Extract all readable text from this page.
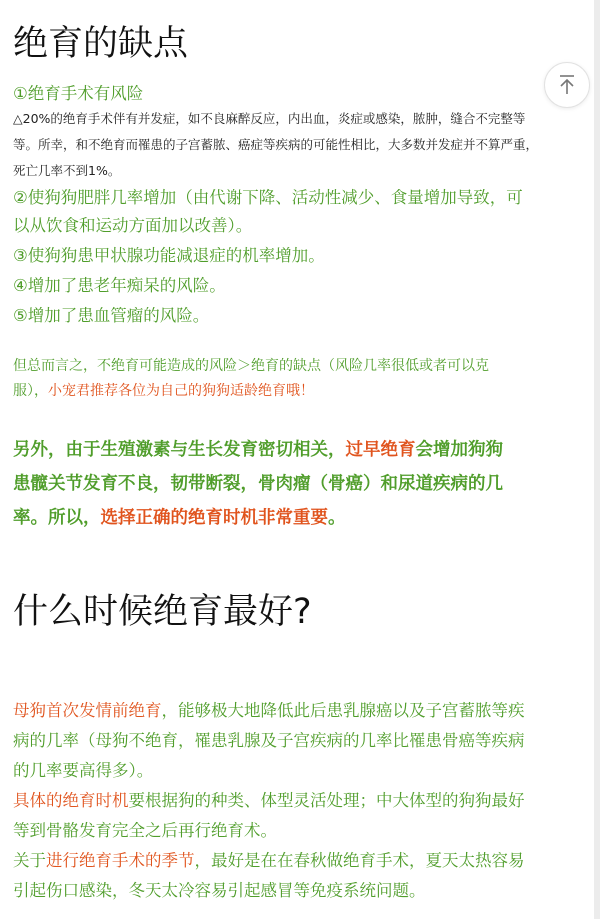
绝育的缺点

①绝育手术有风险

△20%的绝育手术伴有并发症，如不良麻醉反应，内出血，炎症或感染，脓肿，缝合不完整等

等。所幸，和不绝育而罹患的子宫蓄脓、癌症等疾病的可能性相比，大多数并发症并不算严重，

死亡几率不到1%。

②使狗狗肥胖几率增加（由代谢下降、活动性减少、食量增加导致，可

以从饮食和运动方面加以改善）。

③使狗狗患甲状腺功能减退症的机率增加。

④增加了患老年痴呆的风险。

⑤增加了患血管瘤的风险。

但总而言之，不绝育可能造成的风险＞绝育的缺点（风险几率很低或者可以克

服），小宠君推荐各位为自己的狗狗适龄绝育哦！

另外，由于生殖激素与生长发育密切相关，过早绝育会增加狗狗

患髋关节发育不良，韧带断裂，骨肉瘤（骨癌）和尿道疾病的几

率。所以，选择正确的绝育时机非常重要。

什么时候绝育最好?

母狗首次发情前绝育，能够极大地降低此后患乳腺癌以及子宫蓄脓等疾

病的几率（母狗不绝育，罹患乳腺及子宫疾病的几率比罹患骨癌等疾病

的几率要高得多）。

具体的绝育时机要根据狗的种类、体型灵活处理；中大体型的狗狗最好

等到骨骼发育完全之后再行绝育术。

关于进行绝育手术的季节，最好是在在春秋做绝育手术，夏天太热容易

引起伤口感染，冬天太冷容易引起感冒等免疫系统问题。
